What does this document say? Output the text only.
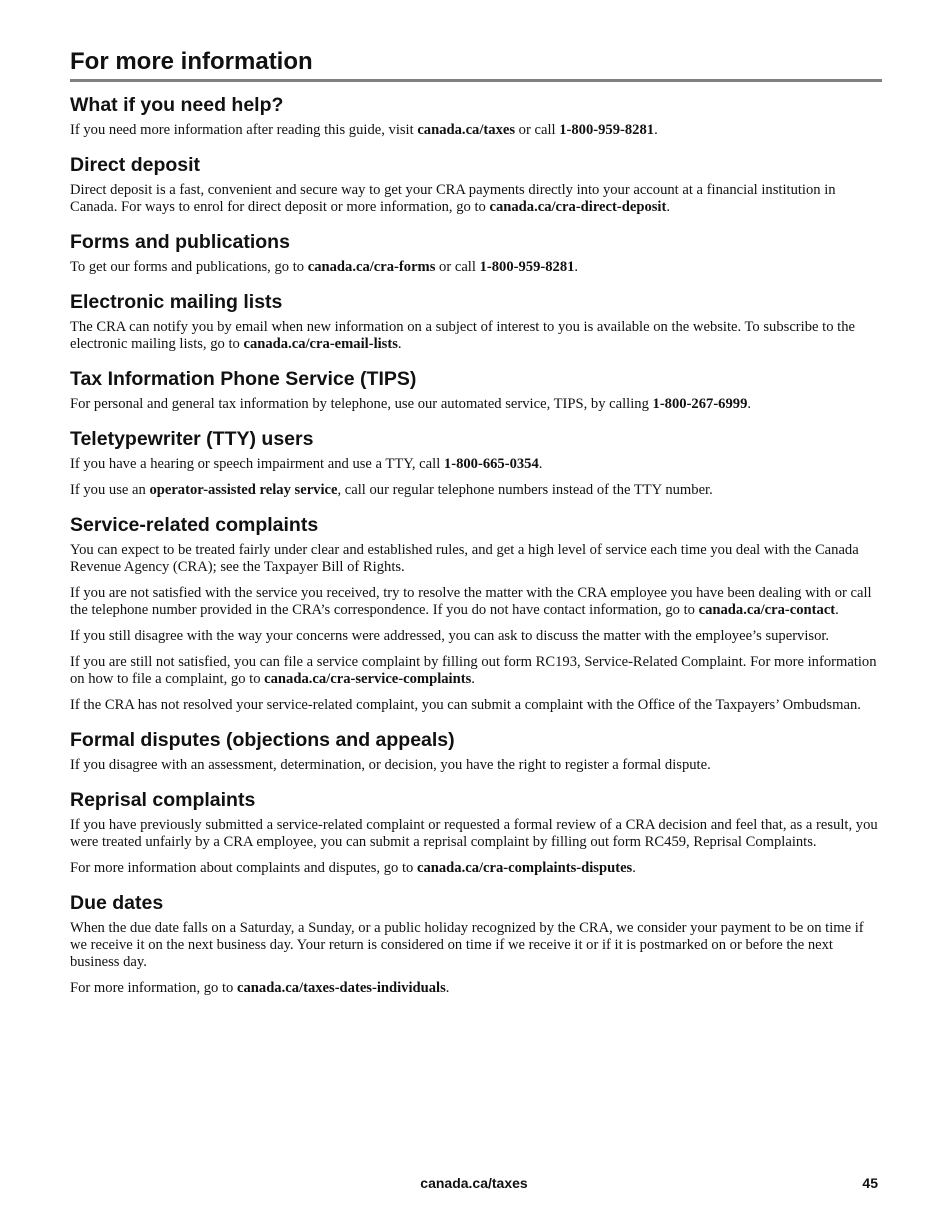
For more information
What if you need help?

If you need more information after reading this guide, visit canada.ca/taxes or call 1-800-959-8281.

Direct deposit

Direct deposit is a fast, convenient and secure way to get your CRA payments directly into your account at a financial institution in Canada. For ways to enrol for direct deposit or more information, go to canada.ca/cra-direct-deposit.

Forms and publications

To get our forms and publications, go to canada.ca/cra-forms or call 1-800-959-8281.

Electronic mailing lists

The CRA can notify you by email when new information on a subject of interest to you is available on the website. To subscribe to the electronic mailing lists, go to canada.ca/cra-email-lists.

Tax Information Phone Service (TIPS)

For personal and general tax information by telephone, use our automated service, TIPS, by calling 1-800-267-6999.

Teletypewriter (TTY) users

If you have a hearing or speech impairment and use a TTY, call 1-800-665-0354.

If you use an operator-assisted relay service, call our regular telephone numbers instead of the TTY number.

Service-related complaints

You can expect to be treated fairly under clear and established rules, and get a high level of service each time you deal with the Canada Revenue Agency (CRA); see the Taxpayer Bill of Rights.

If you are not satisfied with the service you received, try to resolve the matter with the CRA employee you have been dealing with or call the telephone number provided in the CRA’s correspondence. If you do not have contact information, go to canada.ca/cra-contact.

If you still disagree with the way your concerns were addressed, you can ask to discuss the matter with the employee’s supervisor.

If you are still not satisfied, you can file a service complaint by filling out form RC193, Service-Related Complaint. For more information on how to file a complaint, go to canada.ca/cra-service-complaints.

If the CRA has not resolved your service-related complaint, you can submit a complaint with the Office of the Taxpayers’ Ombudsman.

Formal disputes (objections and appeals)

If you disagree with an assessment, determination, or decision, you have the right to register a formal dispute.

Reprisal complaints

If you have previously submitted a service-related complaint or requested a formal review of a CRA decision and feel that, as a result, you were treated unfairly by a CRA employee, you can submit a reprisal complaint by filling out form RC459, Reprisal Complaints.

For more information about complaints and disputes, go to canada.ca/cra-complaints-disputes.

Due dates

When the due date falls on a Saturday, a Sunday, or a public holiday recognized by the CRA, we consider your payment to be on time if we receive it on the next business day. Your return is considered on time if we receive it or if it is postmarked on or before the next business day.

For more information, go to canada.ca/taxes-dates-individuals.

canada.ca/taxes	45
